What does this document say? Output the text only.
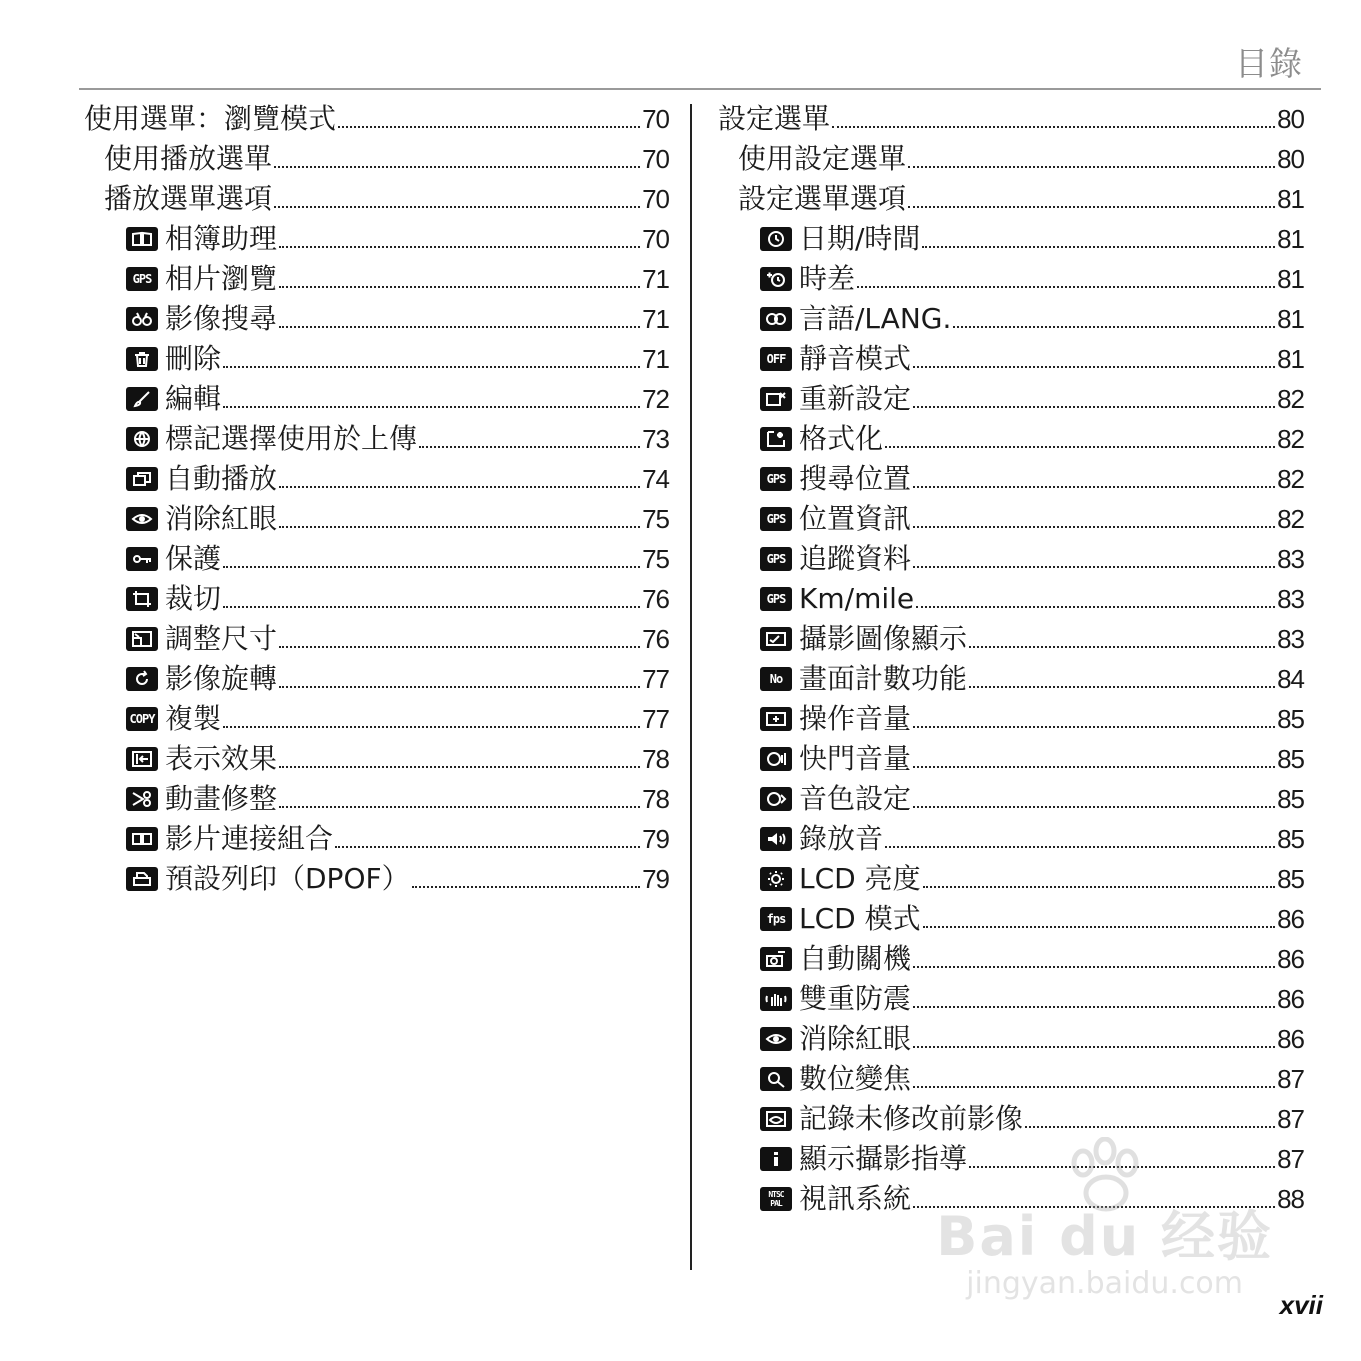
目錄
使用選單：瀏覽模式	70
使用播放選單	70
播放選單選項	70
相簿助理	70
GPS 相片瀏覽	71
影像搜尋	71
刪除	71
編輯	72
標記選擇使用於上傳	73
自動播放	74
消除紅眼	75
保護	75
裁切	76
調整尺寸	76
影像旋轉	77
COPY 複製	77
表示效果	78
動畫修整	78
影片連接組合	79
預設列印（DPOF）	79
設定選單	80
使用設定選單	80
設定選單選項	81
日期/時間	81
時差	81
言語/LANG.	81
OFF 靜音模式	81
重新設定	82
格式化	82
GPS 搜尋位置	82
GPS 位置資訊	82
GPS 追蹤資料	83
GPS Km/mile	83
攝影圖像顯示	83
No 畫面計數功能	84
操作音量	85
快門音量	85
音色設定	85
錄放音	85
LCD 亮度	85
fps LCD 模式	86
自動關機	86
雙重防震	86
消除紅眼	86
數位變焦	87
記錄未修改前影像	87
顯示攝影指導	87
NTSC
PAL 視訊系統	88
Bai du 经验
jingyan.baidu.com
xvii
